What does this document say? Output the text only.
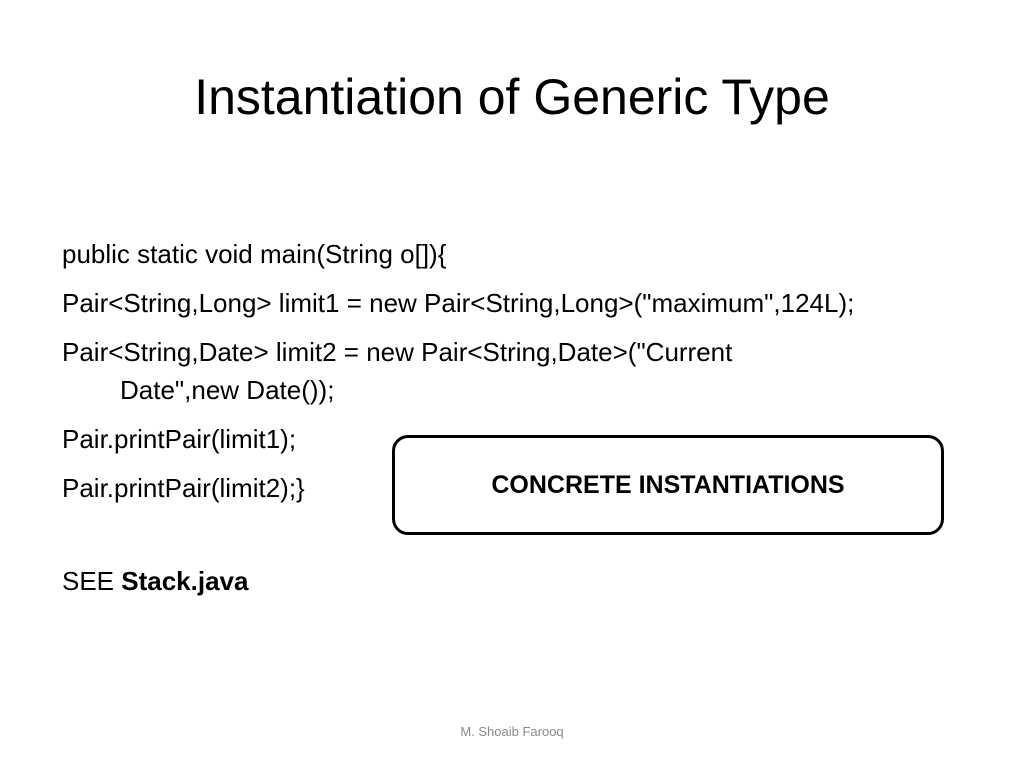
Instantiation of Generic Type
public static void main(String o[]){
Pair<String,Long> limit1 = new Pair<String,Long>("maximum",124L);
Pair<String,Date> limit2 = new Pair<String,Date>("Current
Date",new Date());
Pair.printPair(limit1);
Pair.printPair(limit2);}
SEE Stack.java
CONCRETE INSTANTIATIONS
M. Shoaib Farooq
